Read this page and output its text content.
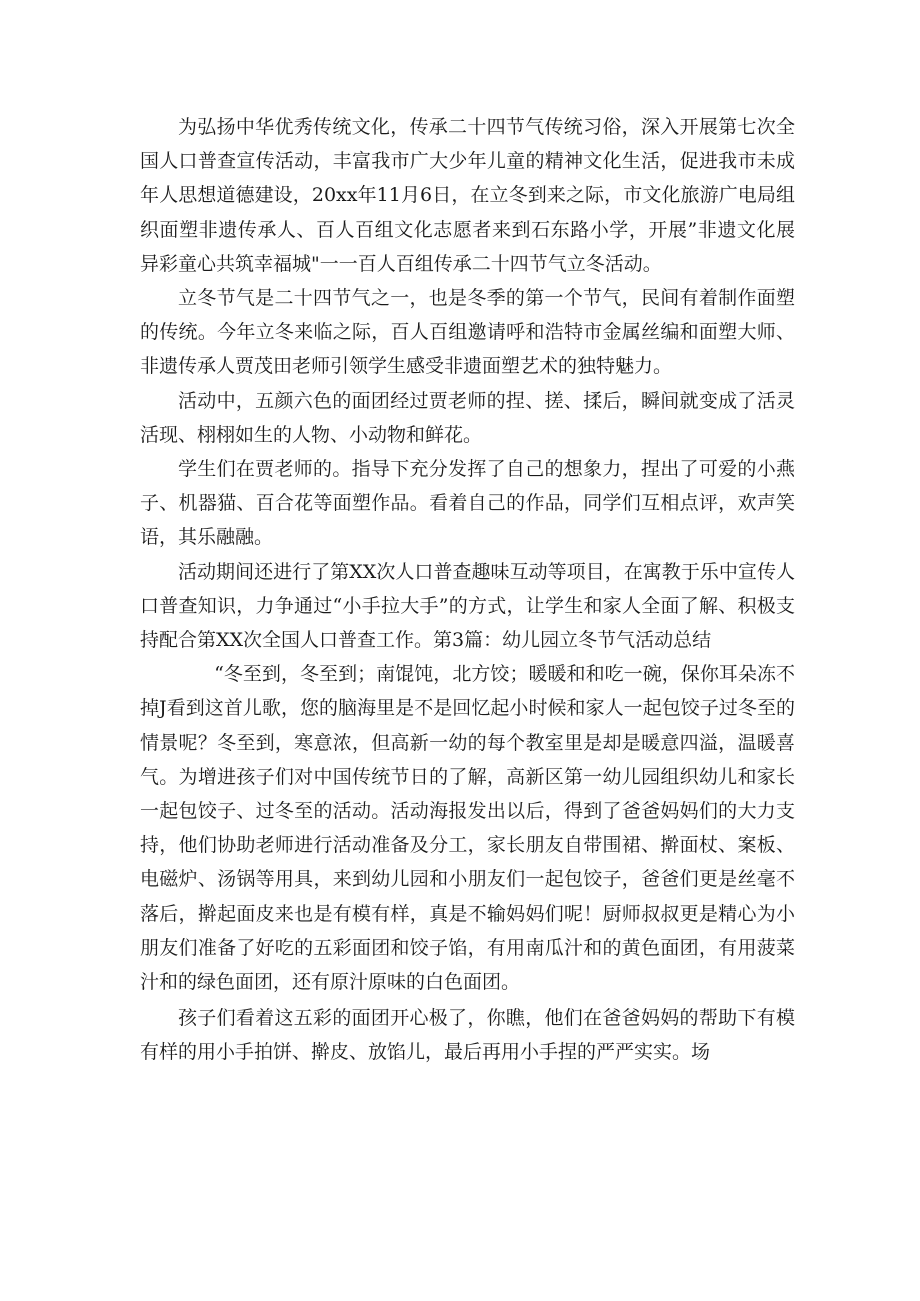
为弘扬中华优秀传统文化，传承二十四节气传统习俗，深入开展第七次全国人口普查宣传活动，丰富我市广大少年儿童的精神文化生活，促进我市未成年人思想道德建设，20xx年11月6日，在立冬到来之际，市文化旅游广电局组织面塑非遗传承人、百人百组文化志愿者来到石东路小学，开展”非遗文化展异彩童心共筑幸福城"一一百人百组传承二十四节气立冬活动。

立冬节气是二十四节气之一，也是冬季的第一个节气，民间有着制作面塑的传统。今年立冬来临之际，百人百组邀请呼和浩特市金属丝编和面塑大师、非遗传承人贾茂田老师引领学生感受非遗面塑艺术的独特魅力。

活动中，五颜六色的面团经过贾老师的捏、搓、揉后，瞬间就变成了活灵活现、栩栩如生的人物、小动物和鲜花。

学生们在贾老师的。指导下充分发挥了自己的想象力，捏出了可爱的小燕子、机器猫、百合花等面塑作品。看着自己的作品，同学们互相点评，欢声笑语，其乐融融。

活动期间还进行了第XX次人口普查趣味互动等项目，在寓教于乐中宣传人口普查知识，力争通过“小手拉大手”的方式，让学生和家人全面了解、积极支持配合第XX次全国人口普查工作。第3篇：幼儿园立冬节气活动总结

“冬至到，冬至到；南馄饨，北方饺；暖暖和和吃一碗，保你耳朵冻不掉J看到这首儿歌，您的脑海里是不是回忆起小时候和家人一起包饺子过冬至的情景呢？冬至到，寒意浓，但高新一幼的每个教室里是却是暖意四溢，温暖喜气。为增进孩子们对中国传统节日的了解，高新区第一幼儿园组织幼儿和家长一起包饺子、过冬至的活动。活动海报发出以后，得到了爸爸妈妈们的大力支持，他们协助老师进行活动准备及分工，家长朋友自带围裙、擀面杖、案板、电磁炉、汤锅等用具，来到幼儿园和小朋友们一起包饺子，爸爸们更是丝毫不落后，擀起面皮来也是有模有样，真是不输妈妈们呢！厨师叔叔更是精心为小朋友们准备了好吃的五彩面团和饺子馅，有用南瓜汁和的黄色面团，有用菠菜汁和的绿色面团，还有原汁原味的白色面团。

孩子们看着这五彩的面团开心极了，你瞧，他们在爸爸妈妈的帮助下有模有样的用小手拍饼、擀皮、放馅儿，最后再用小手捏的严严实实。场
